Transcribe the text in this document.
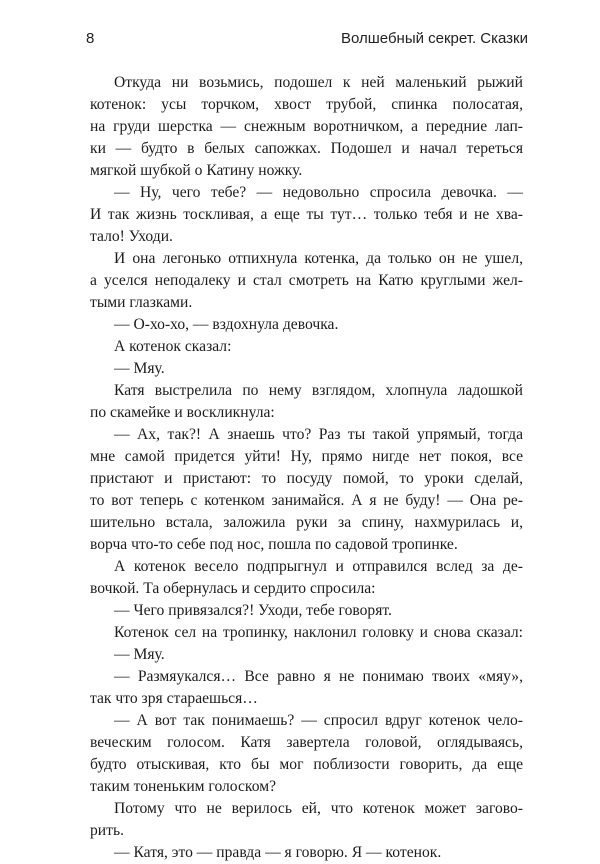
8	Волшебный секрет. Сказки
Откуда ни возьмись, подошел к ней маленький рыжий
котенок: усы торчком, хвост трубой, спинка полосатая,
на груди шерстка — снежным воротничком, а передние лап-
ки — будто в белых сапожках. Подошел и начал тереться
мягкой шубкой о Катину ножку.
— Ну, чего тебе? — недовольно спросила девочка. —
И так жизнь тоскливая, а еще ты тут… только тебя и не хва-
тало! Уходи.
И она легонько отпихнула котенка, да только он не ушел,
а уселся неподалеку и стал смотреть на Катю круглыми жел-
тыми глазками.
— О-хо-хо, — вздохнула девочка.
А котенок сказал:
— Мяу.
Катя выстрелила по нему взглядом, хлопнула ладошкой
по скамейке и воскликнула:
— Ах, так?! А знаешь что? Раз ты такой упрямый, тогда
мне самой придется уйти! Ну, прямо нигде нет покоя, все
пристают и пристают: то посуду помой, то уроки сделай,
то вот теперь с котенком занимайся. А я не буду! — Она ре-
шительно встала, заложила руки за спину, нахмурилась и,
ворча что-то себе под нос, пошла по садовой тропинке.
А котенок весело подпрыгнул и отправился вслед за де-
вочкой. Та обернулась и сердито спросила:
— Чего привязался?! Уходи, тебе говорят.
Котенок сел на тропинку, наклонил головку и снова сказал:
— Мяу.
— Размяукался… Все равно я не понимаю твоих «мяу»,
так что зря стараешься…
— А вот так понимаешь? — спросил вдруг котенок чело-
веческим голосом. Катя завертела головой, оглядываясь,
будто отыскивая, кто бы мог поблизости говорить, да еще
таким тоненьким голоском?
Потому что не верилось ей, что котенок может загово-
рить.
— Катя, это — правда — я говорю. Я — котенок.
